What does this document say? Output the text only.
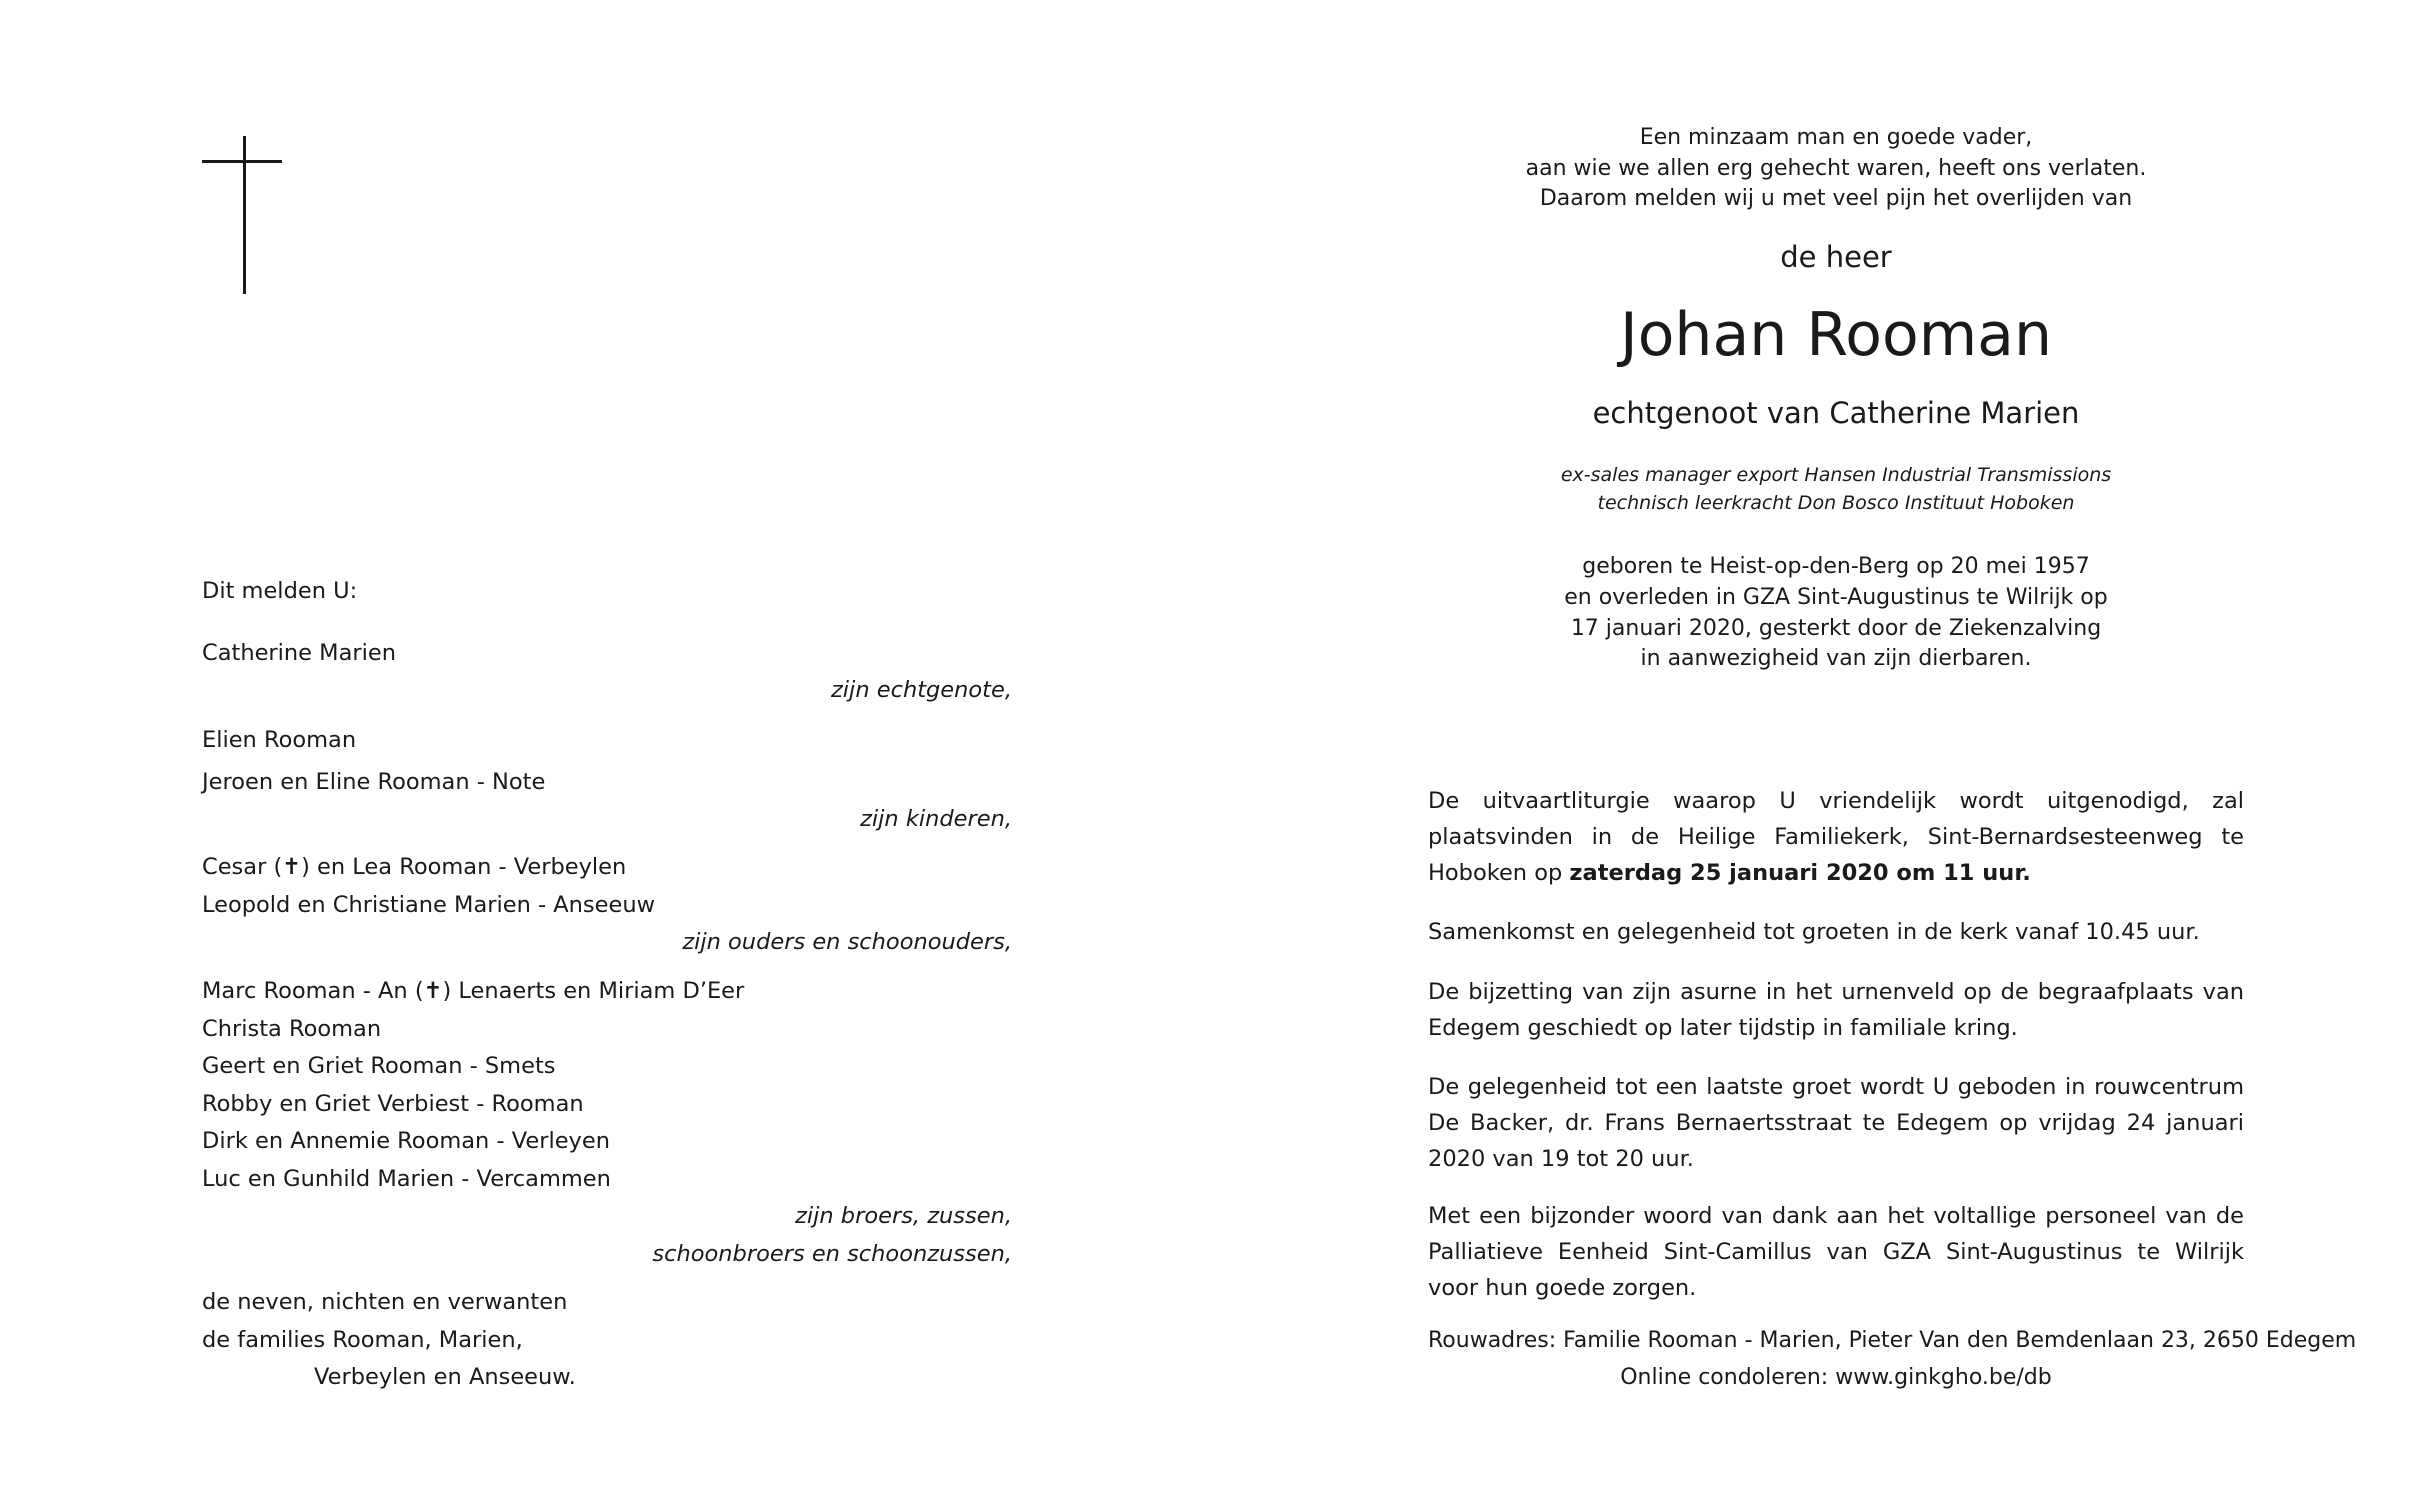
Dit melden U:
Catherine Marien
zijn echtgenote,
Elien Rooman
Jeroen en Eline Rooman - Note
zijn kinderen,
Cesar (✝) en Lea Rooman - Verbeylen
Leopold en Christiane Marien - Anseeuw
zijn ouders en schoonouders,
Marc Rooman - An (✝) Lenaerts en Miriam D’Eer
Christa Rooman
Geert en Griet Rooman - Smets
Robby en Griet Verbiest - Rooman
Dirk en Annemie Rooman - Verleyen
Luc en Gunhild Marien - Vercammen
zijn broers, zussen,
schoonbroers en schoonzussen,
de neven, nichten en verwanten
de families Rooman, Marien,
Verbeylen en Anseeuw.
Een minzaam man en goede vader,
aan wie we allen erg gehecht waren, heeft ons verlaten.
Daarom melden wij u met veel pijn het overlijden van
de heer
Johan Rooman
echtgenoot van Catherine Marien
ex-sales manager export Hansen Industrial Transmissions
technisch leerkracht Don Bosco Instituut Hoboken
geboren te Heist-op-den-Berg op 20 mei 1957
en overleden in GZA Sint-Augustinus te Wilrijk op
17 januari 2020, gesterkt door de Ziekenzalving
in aanwezigheid van zijn dierbaren.
De uitvaartliturgie waarop U vriendelijk wordt uitgenodigd, zal plaatsvinden in de Heilige Familiekerk, Sint-Bernardsesteenweg te Hoboken op zaterdag 25 januari 2020 om 11 uur.
Samenkomst en gelegenheid tot groeten in de kerk vanaf 10.45 uur.
De bijzetting van zijn asurne in het urnenveld op de begraafplaats van Edegem geschiedt op later tijdstip in familiale kring.
De gelegenheid tot een laatste groet wordt U geboden in rouwcentrum De Backer, dr. Frans Bernaertsstraat te Edegem op vrijdag 24 januari 2020 van 19 tot 20 uur.
Met een bijzonder woord van dank aan het voltallige personeel van de Palliatieve Eenheid Sint-Camillus van GZA Sint-Augustinus te Wilrijk voor hun goede zorgen.
Rouwadres: Familie Rooman - Marien, Pieter Van den Bemdenlaan 23, 2650 Edegem
Online condoleren: www.ginkgho.be/db
